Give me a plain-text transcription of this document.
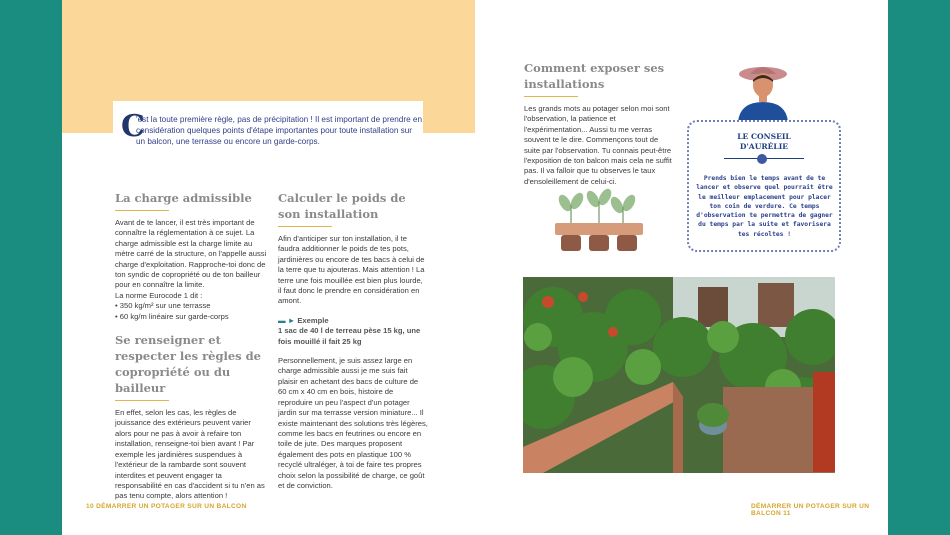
C
'est la toute première règle, pas de précipitation ! Il est important de prendre en considération quelques points d'étape importantes pour toute installation sur un balcon, une terrasse ou encore un garde-corps.

La charge admissible

Avant de te lancer, il est très important de connaître la réglementation à ce sujet. La charge admissible est la charge limite au mètre carré de la structure, on l'appelle aussi charge d'exploitation. Rapproche-toi donc de ton syndic de copropriété ou de ton bailleur pour en connaître la limite.

La norme Eurocode 1 dit :

• 350 kg/m² sur une terrasse

• 60 kg/m linéaire sur garde-corps

Se renseigner et respecter les règles de copropriété ou du bailleur

En effet, selon les cas, les règles de jouissance des extérieurs peuvent varier alors pour ne pas à avoir à refaire ton installation, renseigne-toi bien avant ! Par exemple les jardinières suspendues à l'extérieur de la rambarde sont souvent interdites et peuvent engager ta responsabilité en cas d'accident si tu n'en as pas tenu compte, alors attention !

Calculer le poids de son installation

Afin d'anticiper sur ton installation, il te faudra additionner le poids de tes pots, jardinières ou encore de tes bacs à celui de la terre que tu ajouteras. Mais attention ! La terre une fois mouillée est bien plus lourde, il faut donc le prendre en considération en amont.

▬ ► Exemple

1 sac de 40 l de terreau pèse 15 kg, une fois mouillé il fait 25 kg

Personnellement, je suis assez large en charge admissible aussi je me suis fait plaisir en achetant des bacs de culture de 60 cm x 40 cm en bois, histoire de reproduire un peu l'aspect d'un potager jardin sur ma terrasse version miniature... Il existe maintenant des solutions très légères, comme les bacs en feutrines ou encore en toile de jute. Des marques proposent également des pots en plastique 100 % recyclé ultraléger, à toi de faire tes propres choix selon la possibilité de charge, ce goût et de conviction.

10 DÉMARRER UN POTAGER SUR UN BALCON

Comment exposer ses installations

Les grands mots au potager selon moi sont l'observation, la patience et l'expérimentation... Aussi tu me verras souvent te le dire. Commençons tout de suite par l'observation. Tu connais peut-être l'exposition de ton balcon mais cela ne suffit pas. Il va falloir que tu observes le taux d'ensoleillement de celui-ci.

LE CONSEIL
D'AURÉLIE
Prends bien le temps avant de te lancer et observe quel pourrait être le meilleur emplacement pour placer ton coin de verdure. Ce temps d'observation te permettra de gagner du temps par la suite et favorisera tes récoltes !
DÉMARRER UN POTAGER SUR UN BALCON 11
